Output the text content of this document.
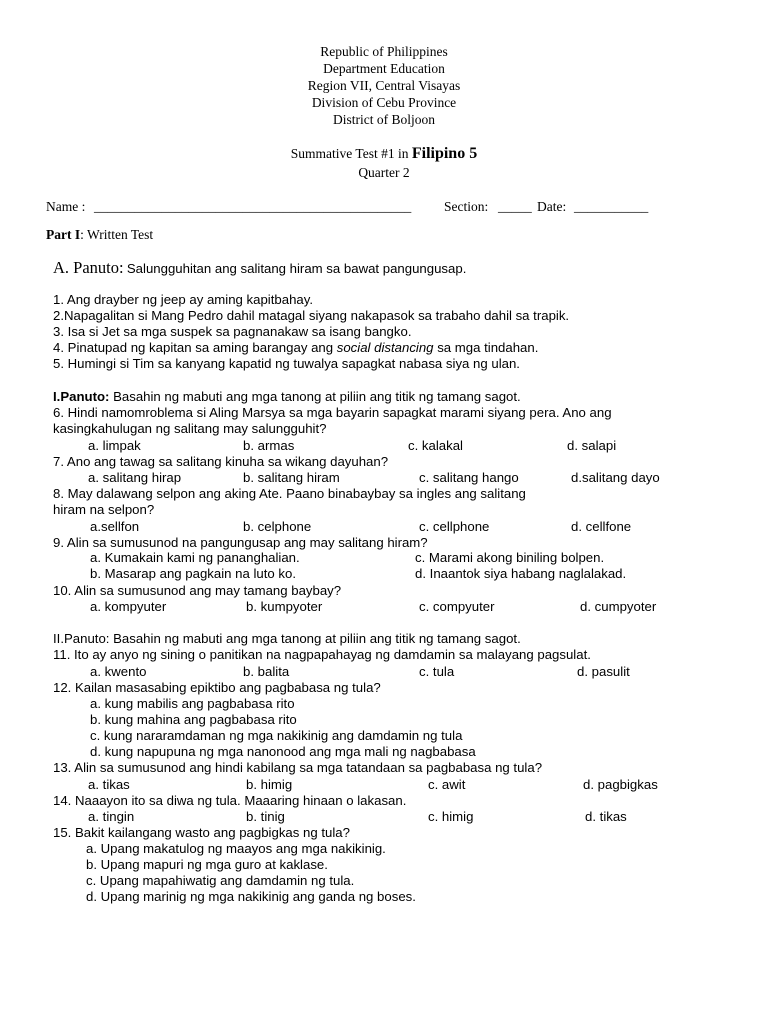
Republic of Philippines
Department Education
Region VII, Central Visayas
Division of Cebu Province
District of Boljoon
Summative Test #1 in Filipino 5
Quarter 2
Name : _______________________________________________ Section: _____ Date: ___________
Part I: Written Test
A. Panuto: Salungguhitan ang salitang hiram sa bawat pangungusap.
1. Ang drayber ng jeep ay aming kapitbahay.
2.Napagalitan si Mang Pedro dahil matagal siyang nakapasok sa trabaho dahil sa trapik.
3. Isa si Jet sa mga suspek sa pagnanakaw sa isang bangko.
4. Pinatupad ng kapitan sa aming barangay ang social distancing sa mga tindahan.
5. Humingi si Tim sa kanyang kapatid ng tuwalya sapagkat nabasa siya ng ulan.
I.Panuto: Basahin ng mabuti ang mga tanong at piliin ang titik ng tamang sagot.
6. Hindi namomroblema si Aling Marsya sa mga bayarin sapagkat marami siyang pera. Ano ang
kasingkahulugan ng salitang may salungguhit?
a. limpak	b. armas	c. kalakal	d. salapi
7. Ano ang tawag sa salitang kinuha sa wikang dayuhan?
a. salitang hirap	b. salitang hiram	c. salitang hango	d.salitang dayo
8. May dalawang selpon ang aking Ate. Paano binabaybay sa ingles ang salitang
hiram na selpon?
a.sellfon	b. celphone	c. cellphone	d. cellfone
9. Alin sa sumusunod na pangungusap ang may salitang hiram?
a. Kumakain kami ng pananghalian.	c. Marami akong biniling bolpen.
b. Masarap ang pagkain na luto ko.	d. Inaantok siya habang naglalakad.
10. Alin sa sumusunod ang may tamang baybay?
a. kompyuter	b. kumpyoter	c. compyuter	d. cumpyoter
II.Panuto: Basahin ng mabuti ang mga tanong at piliin ang titik ng tamang sagot.
11. Ito ay anyo ng sining o panitikan na nagpapahayag ng damdamin sa malayang pagsulat.
a. kwento	b. balita	c. tula	d. pasulit
12. Kailan masasabing epiktibo ang pagbabasa ng tula?
a. kung mabilis ang pagbabasa rito
b. kung mahina ang pagbabasa rito
c. kung nararamdaman ng mga nakikinig ang damdamin ng tula
d. kung napupuna ng mga nanonood ang mga mali ng nagbabasa
13. Alin sa sumusunod ang hindi kabilang sa mga tatandaan sa pagbabasa ng tula?
a. tikas	b. himig	c. awit	d. pagbigkas
14. Naaayon ito sa diwa ng tula. Maaaring hinaan o lakasan.
a. tingin	b. tinig	c. himig	d. tikas
15. Bakit kailangang wasto ang pagbigkas ng tula?
a. Upang makatulog ng maayos ang mga nakikinig.
b. Upang mapuri ng mga guro at kaklase.
c. Upang mapahiwatig ang damdamin ng tula.
d. Upang marinig ng mga nakikinig ang ganda ng boses.
